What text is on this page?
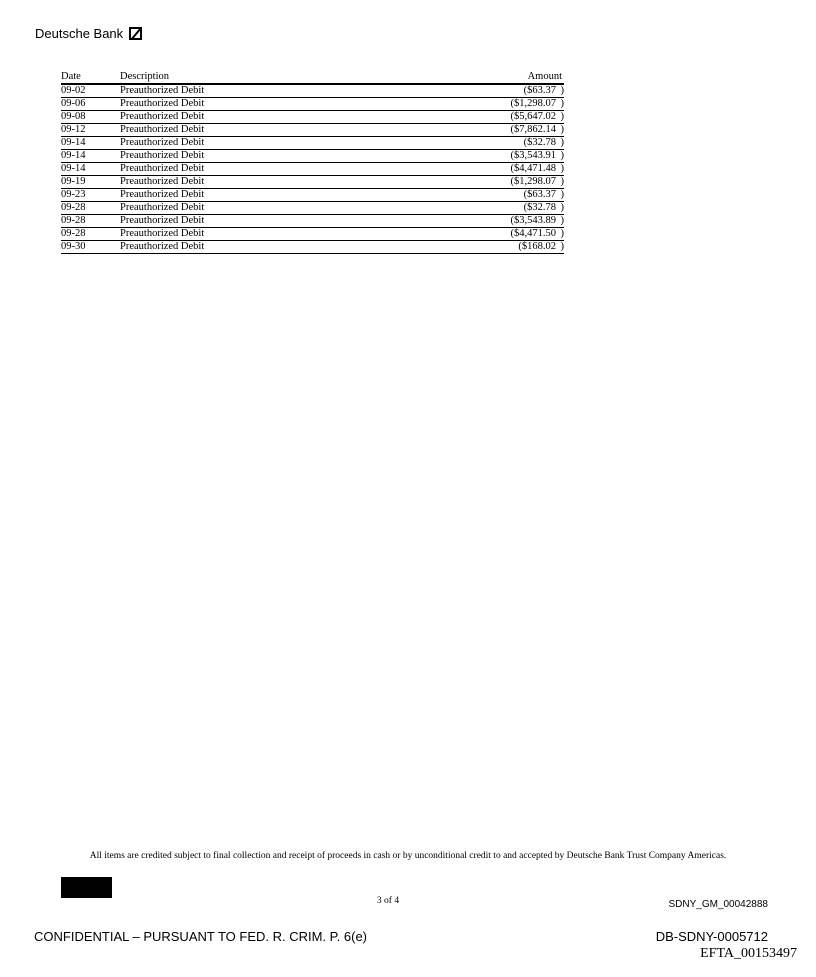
Deutsche Bank
Date	Description	Amount
09-02	Preauthorized Debit	($63.37 )

09-06	Preauthorized Debit	($1,298.07 )

09-08	Preauthorized Debit	($5,647.02 )

09-12	Preauthorized Debit	($7,862.14 )

09-14	Preauthorized Debit	($32.78 )

09-14	Preauthorized Debit	($3,543.91 )

09-14	Preauthorized Debit	($4,471.48 )

09-19	Preauthorized Debit	($1,298.07 )

09-23	Preauthorized Debit	($63.37 )

09-28	Preauthorized Debit	($32.78 )

09-28	Preauthorized Debit	($3,543.89 )

09-28	Preauthorized Debit	($4,471.50 )

09-30	Preauthorized Debit	($168.02 )
All items are credited subject to final collection and receipt of proceeds in cash or by unconditional credit to and accepted by Deutsche Bank Trust Company Americas.
3 of 4	SDNY_GM_00042888
CONFIDENTIAL – PURSUANT TO FED. R. CRIM. P. 6(e)	DB-SDNY-0005712
EFTA_00153497
